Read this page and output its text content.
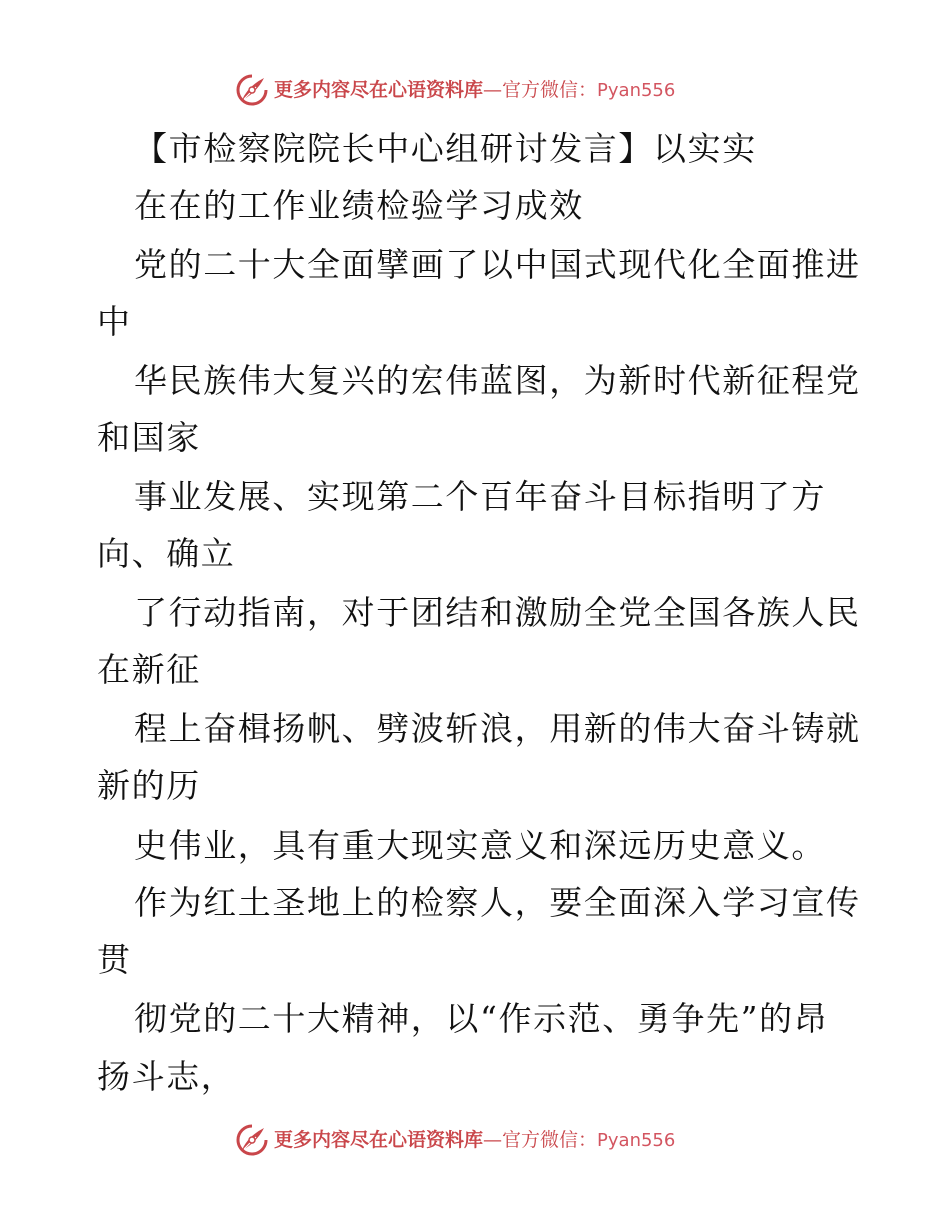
更多内容尽在心语资料库—官方微信：Pyan556
【市检察院院长中心组研讨发言】以实实
在在的工作业绩检验学习成效
党的二十大全面擘画了以中国式现代化全面推进
中
华民族伟大复兴的宏伟蓝图，为新时代新征程党
和国家
事业发展、实现第二个百年奋斗目标指明了方
向、确立
了行动指南，对于团结和激励全党全国各族人民
在新征
程上奋楫扬帆、劈波斩浪，用新的伟大奋斗铸就
新的历
史伟业，具有重大现实意义和深远历史意义。
作为红土圣地上的检察人，要全面深入学习宣传
贯
彻党的二十大精神，以“作示范、勇争先”的昂
扬斗志，
更多内容尽在心语资料库—官方微信：Pyan556
